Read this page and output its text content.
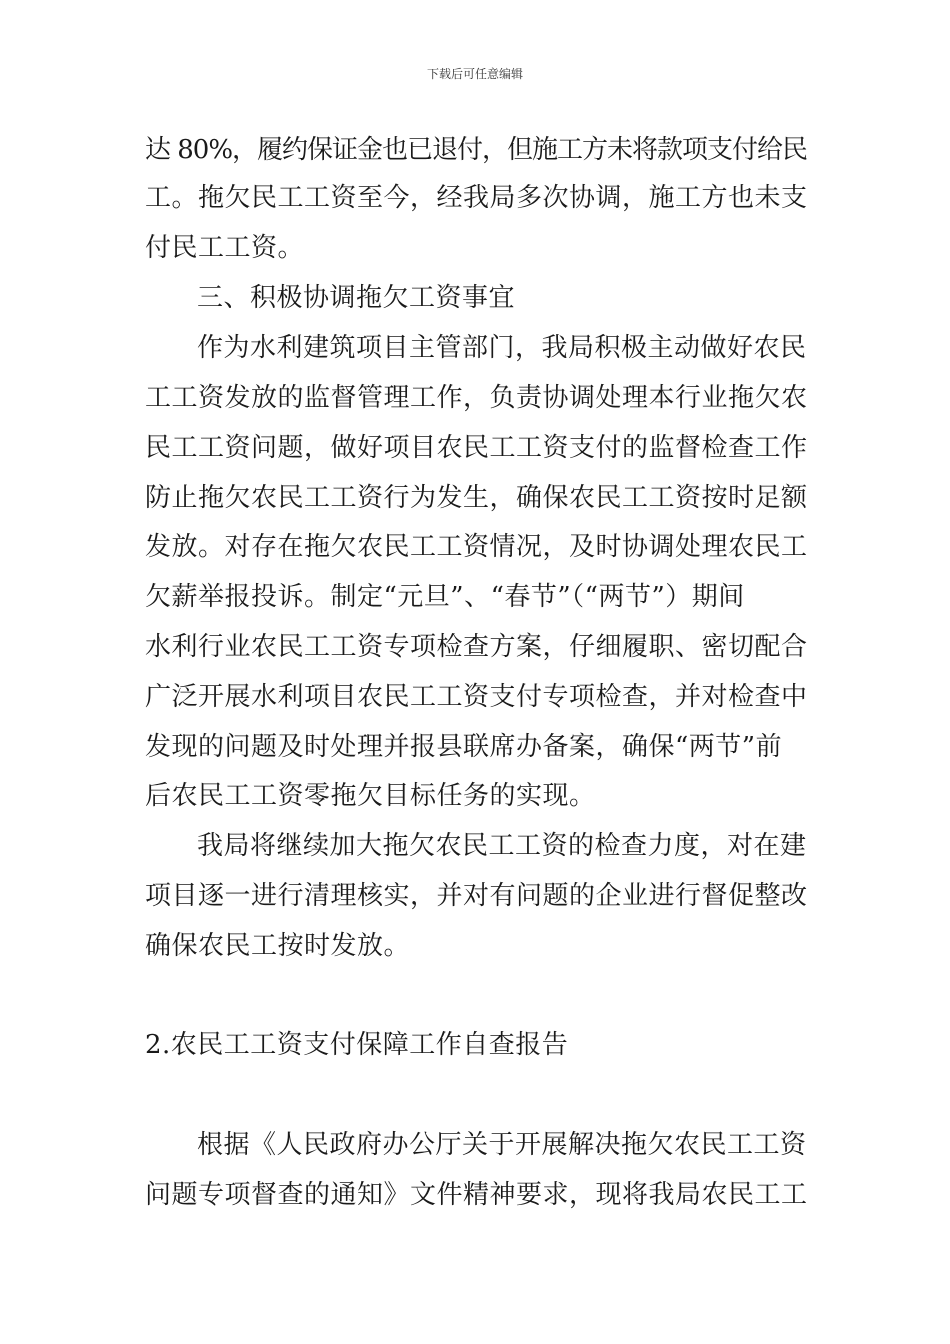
下载后可任意编辑
达 80%，履约保证金也已退付，但施工方未将款项支付给民
工。拖欠民工工资至今，经我局多次协调，施工方也未支
付民工工资。
三、积极协调拖欠工资事宜
作为水利建筑项目主管部门，我局积极主动做好农民
工工资发放的监督管理工作，负责协调处理本行业拖欠农
民工工资问题，做好项目农民工工资支付的监督检查工作
防止拖欠农民工工资行为发生，确保农民工工资按时足额
发放。对存在拖欠农民工工资情况，及时协调处理农民工
欠薪举报投诉。制定“元旦”、“春节”（“两节”）期间
水利行业农民工工资专项检查方案，仔细履职、密切配合
广泛开展水利项目农民工工资支付专项检查，并对检查中
发现的问题及时处理并报县联席办备案，确保“两节”前
后农民工工资零拖欠目标任务的实现。
我局将继续加大拖欠农民工工资的检查力度，对在建
项目逐一进行清理核实，并对有问题的企业进行督促整改
确保农民工按时发放。
2.农民工工资支付保障工作自查报告
根据《人民政府办公厅关于开展解决拖欠农民工工资
问题专项督查的通知》文件精神要求，现将我局农民工工
